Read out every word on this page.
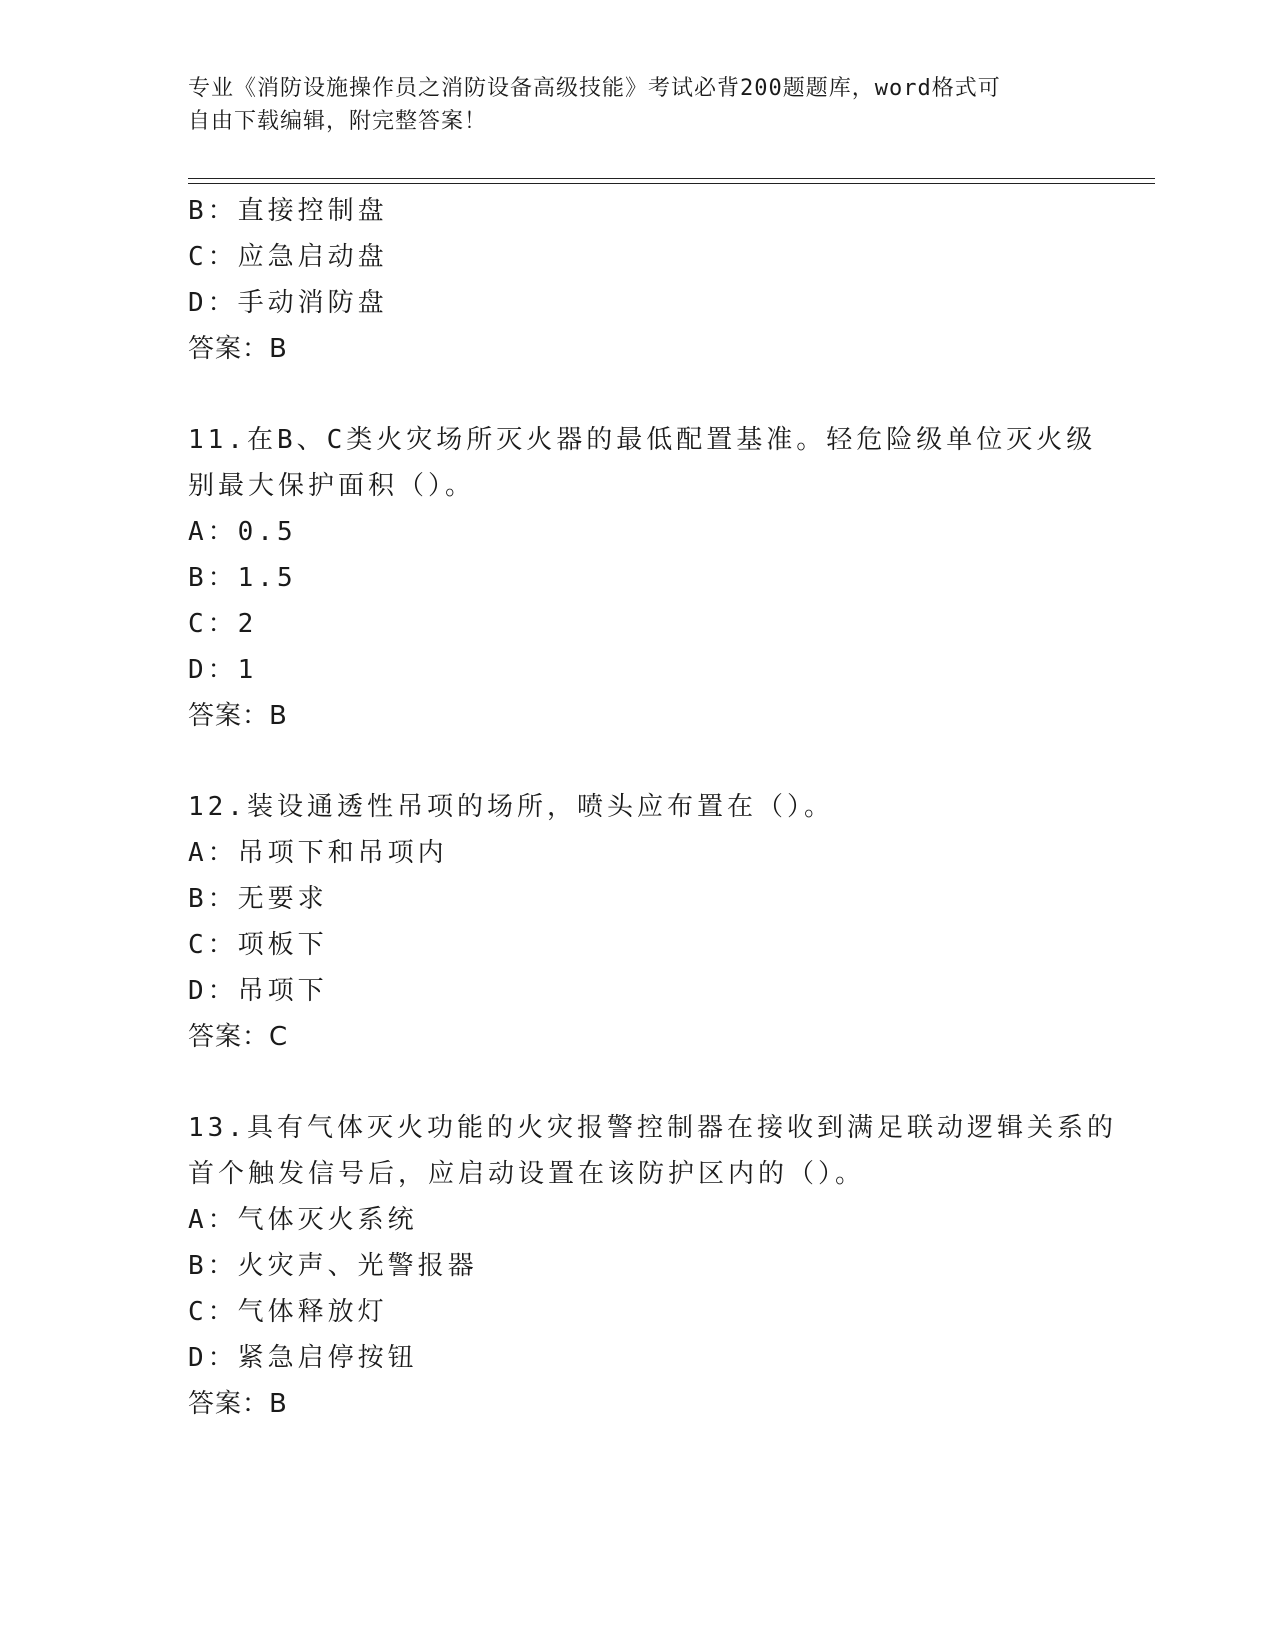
专业《消防设施操作员之消防设备高级技能》考试必背200题题库，word格式可
自由下载编辑，附完整答案！
B：直接控制盘
C：应急启动盘
D：手动消防盘
答案：B
11.在B、C类火灾场所灭火器的最低配置基准。轻危险级单位灭火级
别最大保护面积（）。
A：0.5
B：1.5
C：2
D：1
答案：B
12.装设通透性吊项的场所，喷头应布置在（）。
A：吊项下和吊项内
B：无要求
C：项板下
D：吊项下
答案：C
13.具有气体灭火功能的火灾报警控制器在接收到满足联动逻辑关系的
首个触发信号后，应启动设置在该防护区内的（）。
A：气体灭火系统
B：火灾声、光警报器
C：气体释放灯
D：紧急启停按钮
答案：B
